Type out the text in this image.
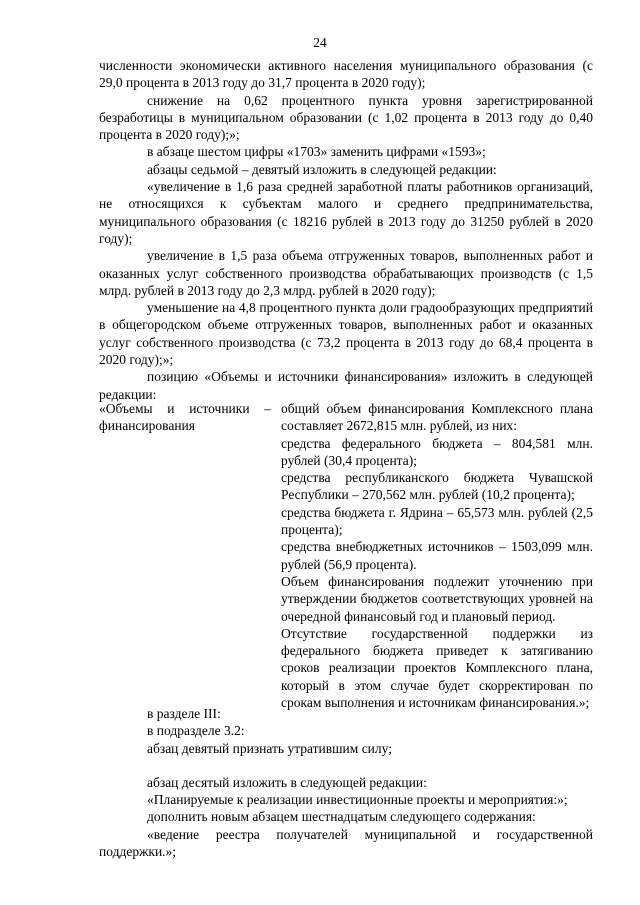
24

численности экономически активного населения муниципального образования (с 29,0 процента в 2013 году до 31,7 процента в 2020 году);

снижение на 0,62 процентного пункта уровня зарегистрированной безработицы в муниципальном образовании (с 1,02 процента в 2013 году до 0,40 процента в 2020 году);»;

в абзаце шестом цифры «1703» заменить цифрами «1593»;

абзацы седьмой – девятый изложить в следующей редакции:

«увеличение в 1,6 раза средней заработной платы работников организаций, не относящихся к субъектам малого и среднего предпринимательства, муниципального образования (с 18216 рублей в 2013 году до 31250 рублей в 2020 году);

увеличение в 1,5 раза объема отгруженных товаров, выполненных работ и оказанных услуг собственного производства обрабатывающих производств (с 1,5 млрд. рублей в 2013 году до 2,3 млрд. рублей в 2020 году);

уменьшение на 4,8 процентного пункта доли градообразующих предприятий в общегородском объеме отгруженных товаров, выполненных работ и оказанных услуг собственного производства (с 73,2 процента в 2013 году до 68,4 процента в 2020 году);»;

позицию «Объемы и источники финансирования» изложить в следующей редакции:

«Объемы и источники – финансирования

общий объем финансирования Комплексного плана составляет 2672,815 млн. рублей, из них:

средства федерального бюджета – 804,581 млн. рублей (30,4 процента);

средства республиканского бюджета Чувашской Республики – 270,562 млн. рублей (10,2 процента);

средства бюджета г. Ядрина – 65,573 млн. рублей (2,5 процента);

средства внебюджетных источников – 1503,099 млн. рублей (56,9 процента).

Объем финансирования подлежит уточнению при утверждении бюджетов соответствующих уровней на очередной финансовый год и плановый период.

Отсутствие государственной поддержки из федерального бюджета приведет к затягиванию сроков реализации проектов Комплексного плана, который в этом случае будет скорректирован по срокам выполнения и источникам финансирования.»;

в разделе III:

в подразделе 3.2:

абзац девятый признать утратившим силу;

абзац десятый изложить в следующей редакции:

«Планируемые к реализации инвестиционные проекты и мероприятия:»;

дополнить новым абзацем шестнадцатым следующего содержания:

«ведение реестра получателей муниципальной и государственной поддержки.»;
